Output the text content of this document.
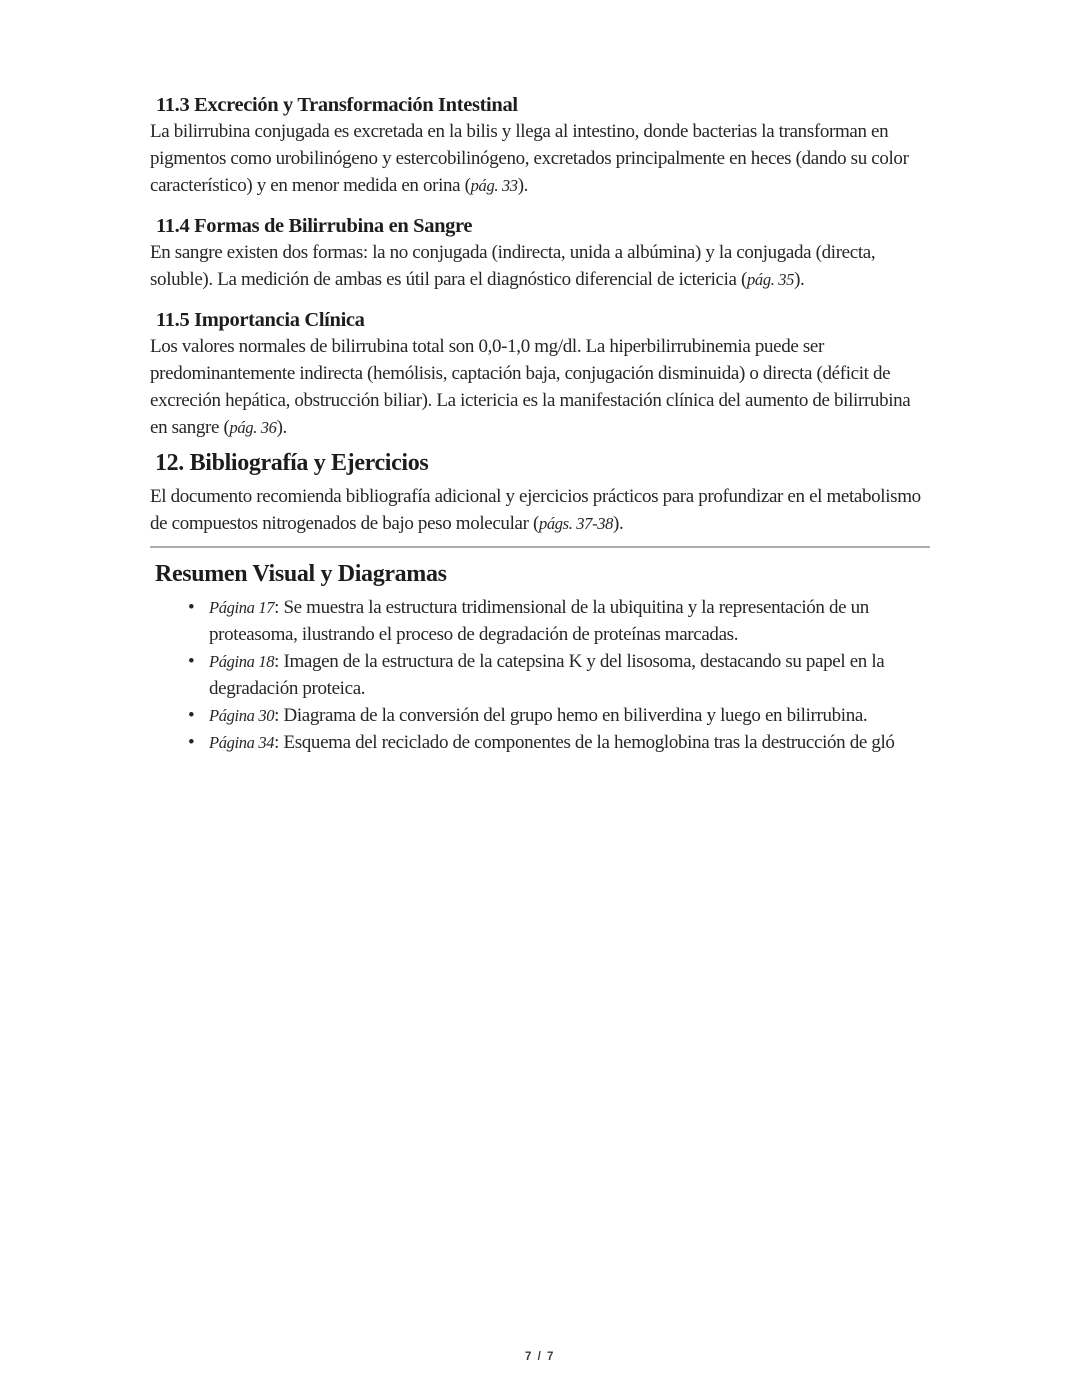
11.3 Excreción y Transformación Intestinal

La bilirrubina conjugada es excretada en la bilis y llega al intestino, donde bacterias la transforman en pigmentos como urobilinógeno y estercobilinógeno, excretados principalmente en heces (dando su color característico) y en menor medida en orina (pág. 33).

11.4 Formas de Bilirrubina en Sangre

En sangre existen dos formas: la no conjugada (indirecta, unida a albúmina) y la conjugada (directa, soluble). La medición de ambas es útil para el diagnóstico diferencial de ictericia (pág. 35).

11.5 Importancia Clínica

Los valores normales de bilirrubina total son 0,0-1,0 mg/dl. La hiperbilirrubinemia puede ser predominantemente indirecta (hemólisis, captación baja, conjugación disminuida) o directa (déficit de excreción hepática, obstrucción biliar). La ictericia es la manifestación clínica del aumento de bilirrubina en sangre (pág. 36).

12. Bibliografía y Ejercicios

El documento recomienda bibliografía adicional y ejercicios prácticos para profundizar en el metabolismo de compuestos nitrogenados de bajo peso molecular (págs. 37-38).

Resumen Visual y Diagramas
• Página 17: Se muestra la estructura tridimensional de la ubiquitina y la representación de un proteasoma, ilustrando el proceso de degradación de proteínas marcadas.
• Página 18: Imagen de la estructura de la catepsina K y del lisosoma, destacando su papel en la degradación proteica.
• Página 30: Diagrama de la conversión del grupo hemo en biliverdina y luego en bilirrubina.
• Página 34: Esquema del reciclado de componentes de la hemoglobina tras la destrucción de gló
7 / 7
